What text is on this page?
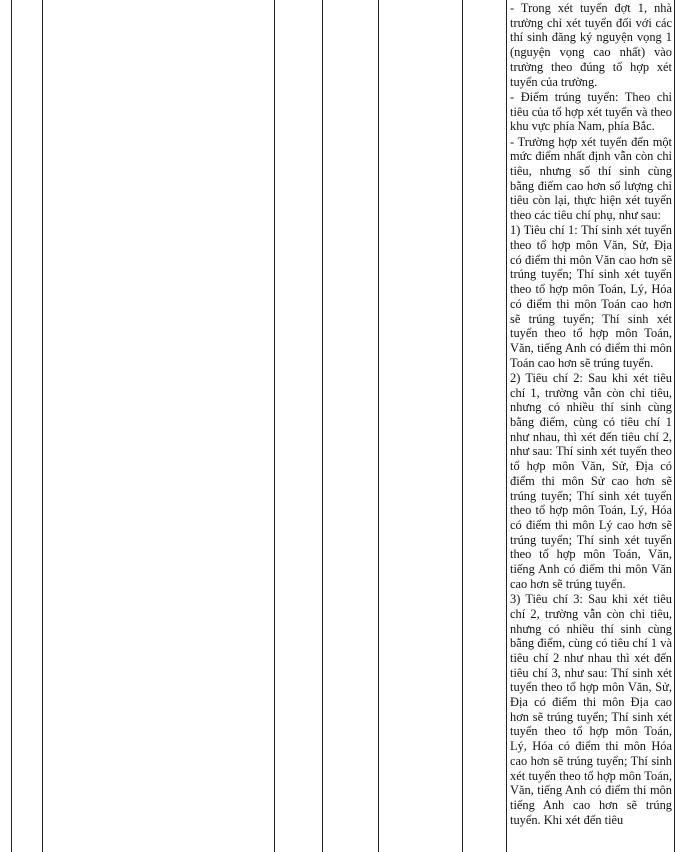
- Trong xét tuyển đợt 1, nhà trường chỉ xét tuyển đối với các thí sinh đăng ký nguyện vọng 1 (nguyện vọng cao nhất) vào trường theo đúng tổ hợp xét tuyển của trường.

- Điểm trúng tuyển: Theo chỉ tiêu của tổ hợp xét tuyển và theo khu vực phía Nam, phía Bắc.

- Trường hợp xét tuyển đến một mức điểm nhất định vẫn còn chỉ tiêu, nhưng số thí sinh cùng bằng điểm cao hơn số lượng chỉ tiêu còn lại, thực hiện xét tuyển theo các tiêu chí phụ, như sau:

1) Tiêu chí 1: Thí sinh xét tuyển theo tổ hợp môn Văn, Sử, Địa có điểm thi môn Văn cao hơn sẽ trúng tuyển; Thí sinh xét tuyển theo tổ hợp môn Toán, Lý, Hóa có điểm thi môn Toán cao hơn sẽ trúng tuyển; Thí sinh xét tuyển theo tổ hợp môn Toán, Văn, tiếng Anh có điểm thi môn Toán cao hơn sẽ trúng tuyển.

2) Tiêu chí 2: Sau khi xét tiêu chí 1, trường vẫn còn chỉ tiêu, nhưng có nhiều thí sinh cùng bằng điểm, cùng có tiêu chí 1 như nhau, thì xét đến tiêu chí 2, như sau: Thí sinh xét tuyển theo tổ hợp môn Văn, Sử, Địa có điểm thi môn Sử cao hơn sẽ trúng tuyển; Thí sinh xét tuyển theo tổ hợp môn Toán, Lý, Hóa có điểm thi môn Lý cao hơn sẽ trúng tuyển; Thí sinh xét tuyển theo tổ hợp môn Toán, Văn, tiếng Anh có điểm thi môn Văn cao hơn sẽ trúng tuyển.

3) Tiêu chí 3: Sau khi xét tiêu chí 2, trường vẫn còn chỉ tiêu, nhưng có nhiều thí sinh cùng bằng điểm, cùng có tiêu chí 1 và tiêu chí 2 như nhau thì xét đến tiêu chí 3, như sau: Thí sinh xét tuyển theo tổ hợp môn Văn, Sử, Địa có điểm thi môn Địa cao hơn sẽ trúng tuyển; Thí sinh xét tuyển theo tổ hợp môn Toán, Lý, Hóa có điểm thi môn Hóa cao hơn sẽ trúng tuyển; Thí sinh xét tuyển theo tổ hợp môn Toán, Văn, tiếng Anh có điểm thi môn tiếng Anh cao hơn sẽ trúng tuyển. Khi xét đến tiêu
